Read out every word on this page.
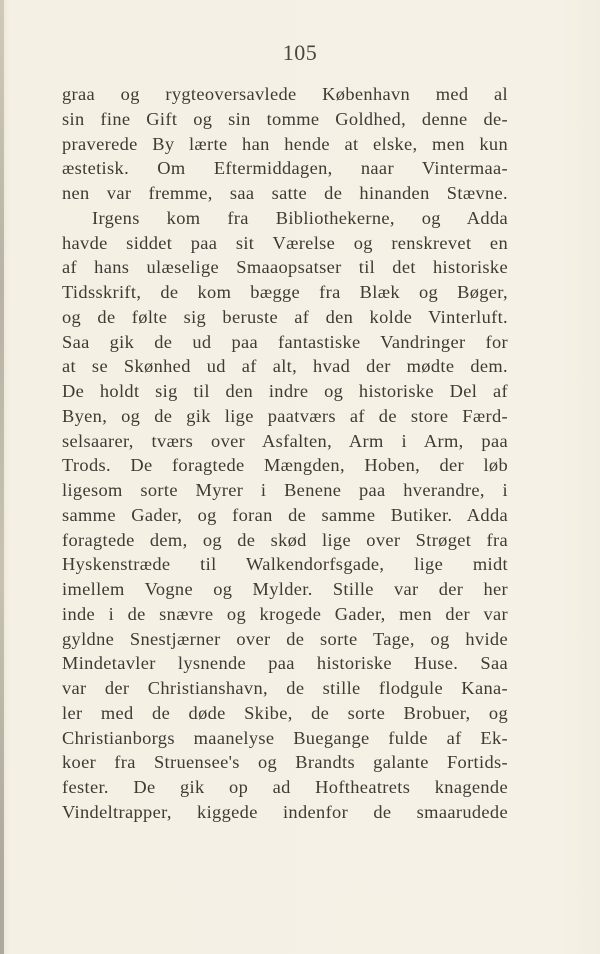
105
graa og rygteoversavlede København med al
sin fine Gift og sin tomme Goldhed, denne de-
praverede By lærte han hende at elske, men kun
æstetisk. Om Eftermiddagen, naar Vintermaa-
nen var fremme, saa satte de hinanden Stævne.
Irgens kom fra Bibliothekerne, og Adda
havde siddet paa sit Værelse og renskrevet en
af hans ulæselige Smaaopsatser til det historiske
Tidsskrift, de kom bægge fra Blæk og Bøger,
og de følte sig beruste af den kolde Vinterluft.
Saa gik de ud paa fantastiske Vandringer for
at se Skønhed ud af alt, hvad der mødte dem.
De holdt sig til den indre og historiske Del af
Byen, og de gik lige paatværs af de store Færd-
selsaarer, tværs over Asfalten, Arm i Arm, paa
Trods. De foragtede Mængden, Hoben, der løb
ligesom sorte Myrer i Benene paa hverandre, i
samme Gader, og foran de samme Butiker. Adda
foragtede dem, og de skød lige over Strøget fra
Hyskenstræde til Walkendorfsgade, lige midt
imellem Vogne og Mylder. Stille var der her
inde i de snævre og krogede Gader, men der var
gyldne Snestjærner over de sorte Tage, og hvide
Mindetavler lysnende paa historiske Huse. Saa
var der Christianshavn, de stille flodgule Kana-
ler med de døde Skibe, de sorte Brobuer, og
Christianborgs maanelyse Buegange fulde af Ek-
koer fra Struensee's og Brandts galante Fortids-
fester. De gik op ad Hoftheatrets knagende
Vindeltrapper, kiggede indenfor de smaarudede
